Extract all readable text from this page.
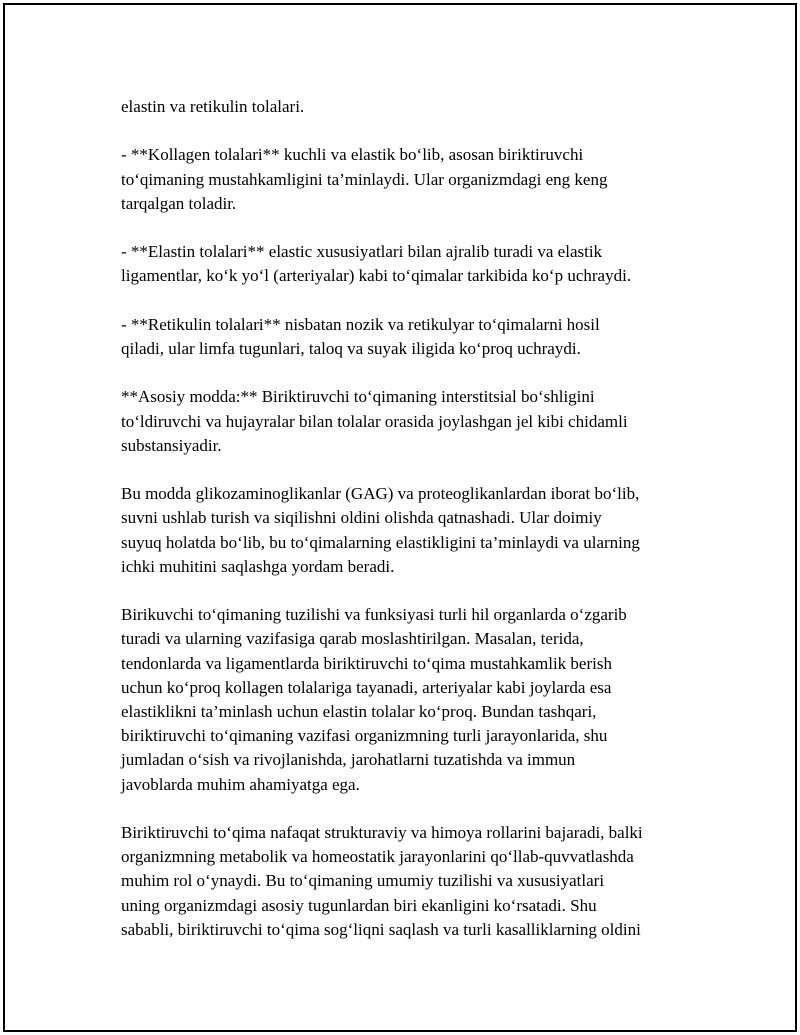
elastin va retikulin tolalari.

- **Kollagen tolalari** kuchli va elastik bo‘lib, asosan biriktiruvchi
to‘qimaning mustahkamligini ta’minlaydi. Ular organizmdagi eng keng
tarqalgan toladir.

- **Elastin tolalari** elastic xususiyatlari bilan ajralib turadi va elastik
ligamentlar, ko‘k yo‘l (arteriyalar) kabi to‘qimalar tarkibida ko‘p uchraydi.

- **Retikulin tolalari** nisbatan nozik va retikulyar to‘qimalarni hosil
qiladi, ular limfa tugunlari, taloq va suyak iligida ko‘proq uchraydi.

**Asosiy modda:** Biriktiruvchi to‘qimaning interstitsial bo‘shligini
to‘ldiruvchi va hujayralar bilan tolalar orasida joylashgan jel kibi chidamli
substansiyadir.

Bu modda glikozaminoglikanlar (GAG) va proteoglikanlardan iborat bo‘lib,
suvni ushlab turish va siqilishni oldini olishda qatnashadi. Ular doimiy
suyuq holatda bo‘lib, bu to‘qimalarning elastikligini ta’minlaydi va ularning
ichki muhitini saqlashga yordam beradi.

Birikuvchi to‘qimaning tuzilishi va funksiyasi turli hil organlarda o‘zgarib
turadi va ularning vazifasiga qarab moslashtirilgan. Masalan, terida,
tendonlarda va ligamentlarda biriktiruvchi to‘qima mustahkamlik berish
uchun ko‘proq kollagen tolalariga tayanadi, arteriyalar kabi joylarda esa
elastiklikni ta’minlash uchun elastin tolalar ko‘proq. Bundan tashqari,
biriktiruvchi to‘qimaning vazifasi organizmning turli jarayonlarida, shu
jumladan o‘sish va rivojlanishda, jarohatlarni tuzatishda va immun
javoblarda muhim ahamiyatga ega.

Biriktiruvchi to‘qima nafaqat strukturaviy va himoya rollarini bajaradi, balki
organizmning metabolik va homeostatik jarayonlarini qo‘llab-quvvatlashda
muhim rol o‘ynaydi. Bu to‘qimaning umumiy tuzilishi va xususiyatlari
uning organizmdagi asosiy tugunlardan biri ekanligini ko‘rsatadi. Shu
sababli, biriktiruvchi to‘qima sog‘liqni saqlash va turli kasalliklarning oldini
